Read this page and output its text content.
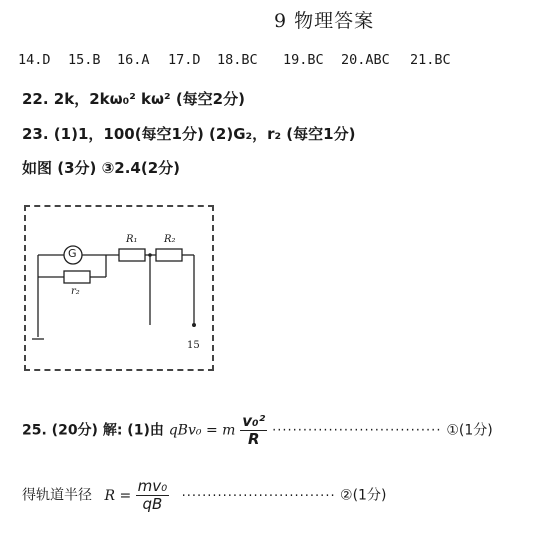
9 物理答案
14.D 15.B 16.A 17.D 18.BC 19.BC 20.ABC 21.BC
22. 2k，2kω₀² kω² (每空2分)
23. (1)1，100(每空1分) (2)G₂，r₂ (每空1分)
如图 (3分) ③2.4(2分)
G
R₁	R₂
r₂
15
25. (20分) 解: (1)由 qBv₀ = m $\frac{\text{v₀²}}{R}$ ································· ①(1分)
得轨道半径 $R = \frac{\text{mv₀}}{qB}$ ······························ ②(1分)
